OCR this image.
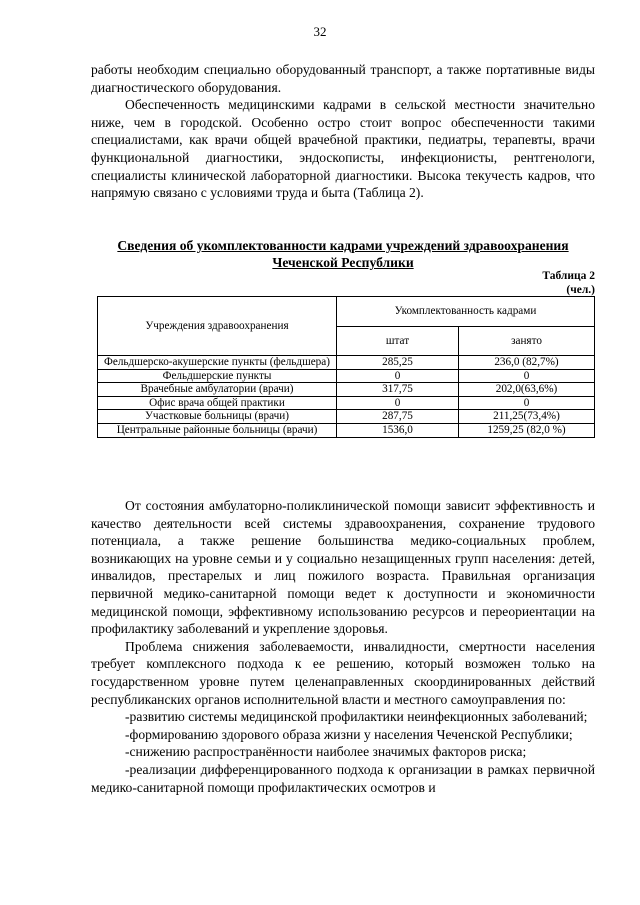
32

работы необходим специально оборудованный транспорт, а также портативные виды диагностического оборудования.

Обеспеченность медицинскими кадрами в сельской местности значительно ниже, чем в городской. Особенно остро стоит вопрос обеспеченности такими специалистами, как врачи общей врачебной практики, педиатры, терапевты, врачи функциональной диагностики, эндоскописты, инфекционисты, рентгенологи, специалисты клинической лабораторной диагностики. Высока текучесть кадров, что напрямую связано с условиями труда и быта (Таблица 2).

Сведения об укомплектованности кадрами учреждений здравоохранения Чеченской Республики
Таблица 2
(чел.)
Учреждения здравоохранения	Укомплектованность кадрами	
	штат	занято
Фельдшерско-акушерские пункты (фельдшера)	285,25	236,0 (82,7%)
Фельдшерские пункты	0	0
Врачебные амбулатории (врачи)	317,75	202,0(63,6%)
Офис врача общей практики	0	0
Участковые больницы (врачи)	287,75	211,25(73,4%)
Центральные районные больницы (врачи)	1536,0	1259,25 (82,0 %)

От состояния амбулаторно-поликлинической помощи зависит эффективность и качество деятельности всей системы здравоохранения, сохранение трудового потенциала, а также решение большинства медико-социальных проблем, возникающих на уровне семьи и у социально незащищенных групп населения: детей, инвалидов, престарелых и лиц пожилого возраста. Правильная организация первичной медико-санитарной помощи ведет к доступности и экономичности медицинской помощи, эффективному использованию ресурсов и переориентации на профилактику заболеваний и укрепление здоровья.

Проблема снижения заболеваемости, инвалидности, смертности населения требует комплексного подхода к ее решению, который возможен только на государственном уровне путем целенаправленных скоординированных действий республиканских органов исполнительной власти и местного самоуправления по:

-развитию системы медицинской профилактики неинфекционных заболеваний;

-формированию здорового образа жизни у населения Чеченской Республики;

-снижению распространённости наиболее значимых факторов риска;

-реализации дифференцированного подхода к организации в рамках первичной медико-санитарной помощи профилактических осмотров и
